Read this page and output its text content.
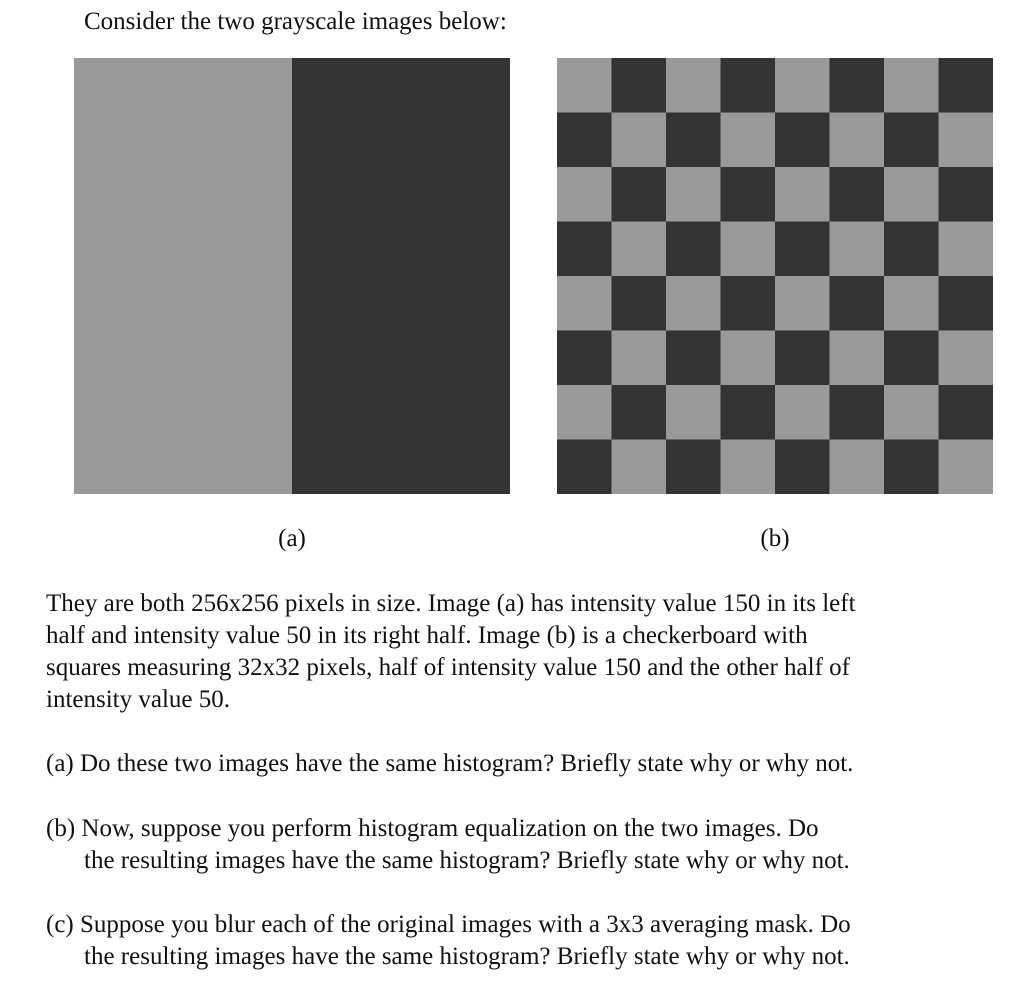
Consider the two grayscale images below:
(a)	(b)
They are both 256x256 pixels in size. Image (a) has intensity value 150 in its left
half and intensity value 50 in its right half. Image (b) is a checkerboard with
squares measuring 32x32 pixels, half of intensity value 150 and the other half of
intensity value 50.
(a) Do these two images have the same histogram? Briefly state why or why not.
(b) Now, suppose you perform histogram equalization on the two images. Do
the resulting images have the same histogram? Briefly state why or why not.
(c) Suppose you blur each of the original images with a 3x3 averaging mask. Do
the resulting images have the same histogram? Briefly state why or why not.
